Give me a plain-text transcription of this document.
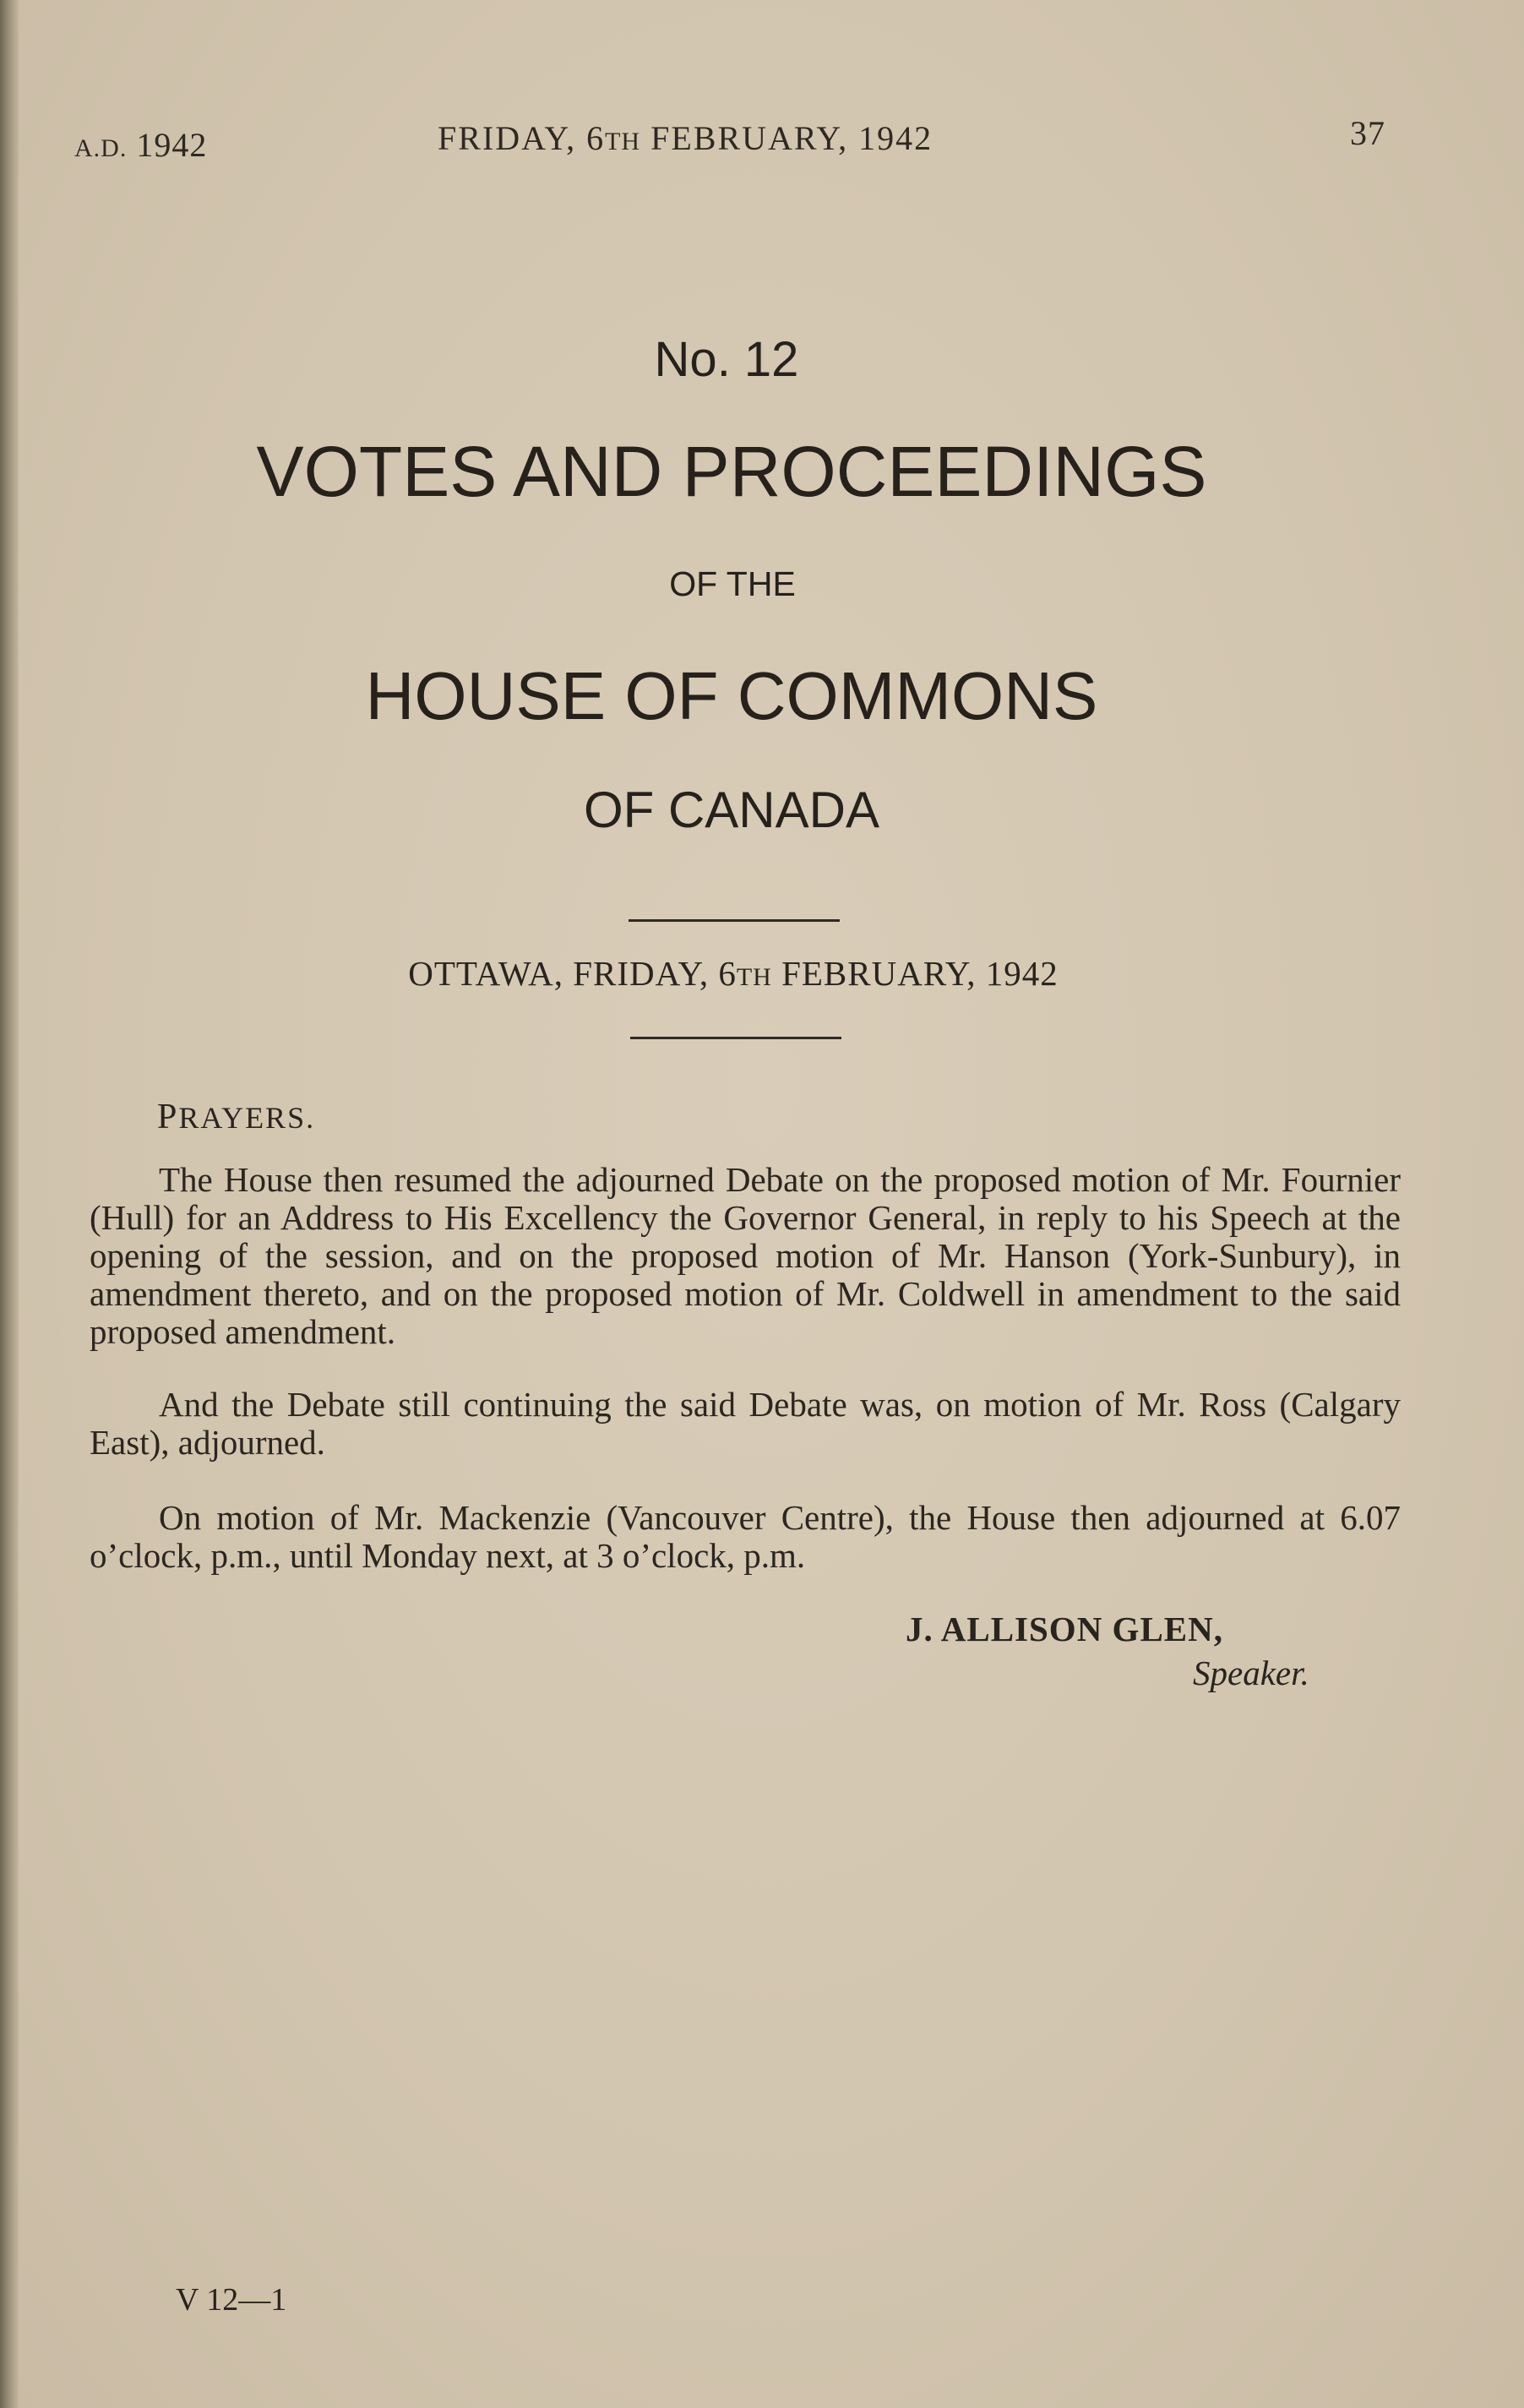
A.D. 1942	FRIDAY, 6TH FEBRUARY, 1942	37
No. 12
VOTES AND PROCEEDINGS
OF THE
HOUSE OF COMMONS
OF CANADA
OTTAWA, FRIDAY, 6TH FEBRUARY, 1942
PRAYERS.
The House then resumed the adjourned Debate on the proposed motion of Mr. Fournier (Hull) for an Address to His Excellency the Governor General, in reply to his Speech at the opening of the session, and on the proposed motion of Mr. Hanson (York-Sunbury), in amendment thereto, and on the proposed motion of Mr. Coldwell in amendment to the said proposed amendment.
And the Debate still continuing the said Debate was, on motion of Mr. Ross (Calgary East), adjourned.
On motion of Mr. Mackenzie (Vancouver Centre), the House then adjourned at 6.07 o’clock, p.m., until Monday next, at 3 o’clock, p.m.
J. ALLISON GLEN,
Speaker.
V 12—1
